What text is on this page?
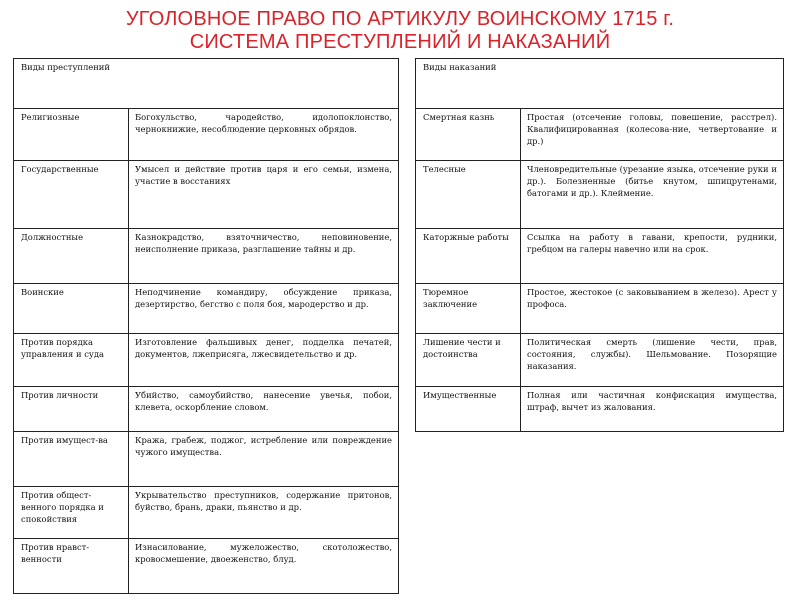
УГОЛОВНОЕ ПРАВО ПО АРТИКУЛУ ВОИНСКОМУ 1715 г.
СИСТЕМА ПРЕСТУПЛЕНИЙ И НАКАЗАНИЙ
Виды преступлений	
Религиозные	Богохульство, чародейство, идолопоклонство, чернокнижие, несоблюдение церковных обрядов.
Государственные	Умысел и действие против царя и его семьи, измена, участие в восстаниях
Должностные	Казнокрадство, взяточничество, неповиновение, неисполнение приказа, разглашение тайны и др.
Воинские	Неподчинение командиру, обсуждение приказа, дезертирство, бегство с поля боя, мародерство и др.
Против порядка управления и суда	Изготовление фальшивых денег, подделка печатей, документов, лжеприсяга, лжесвидетельство и др.
Против личности	Убийство, самоубийство, нанесение увечья, побои, клевета, оскорбление словом.
Против имущест-ва	Кража, грабеж, поджог, истребление или повреждение чужого имущества.
Против общест-венного порядка и спокойствия	Укрывательство преступников, содержание притонов, буйство, брань, драки, пьянство и др.
Против нравст-венности	Изнасилование, мужеложество, скотоложество, кровосмешение, двоеженство, блуд.
Виды наказаний	
Смертная казнь	Простая (отсечение головы, повешение, расстрел). Квалифицированная (колесова-ние, четвертование и др.)
Телесные	Членовредительные (урезание языка, отсечение руки и др.). Болезненные (битье кнутом, шпицрутенами, батогами и др.). Клеймение.
Каторжные работы	Ссылка на работу в гавани, крепости, рудники, гребцом на галеры навечно или на срок.
Тюремное заключение	Простое, жестокое (с заковыванием в железо). Арест у профоса.
Лишение чести и достоинства	Политическая смерть (лишение чести, прав, состояния, службы). Шельмование. Позорящие наказания.
Имущественные	Полная или частичная конфискация имущества, штраф, вычет из жалования.
